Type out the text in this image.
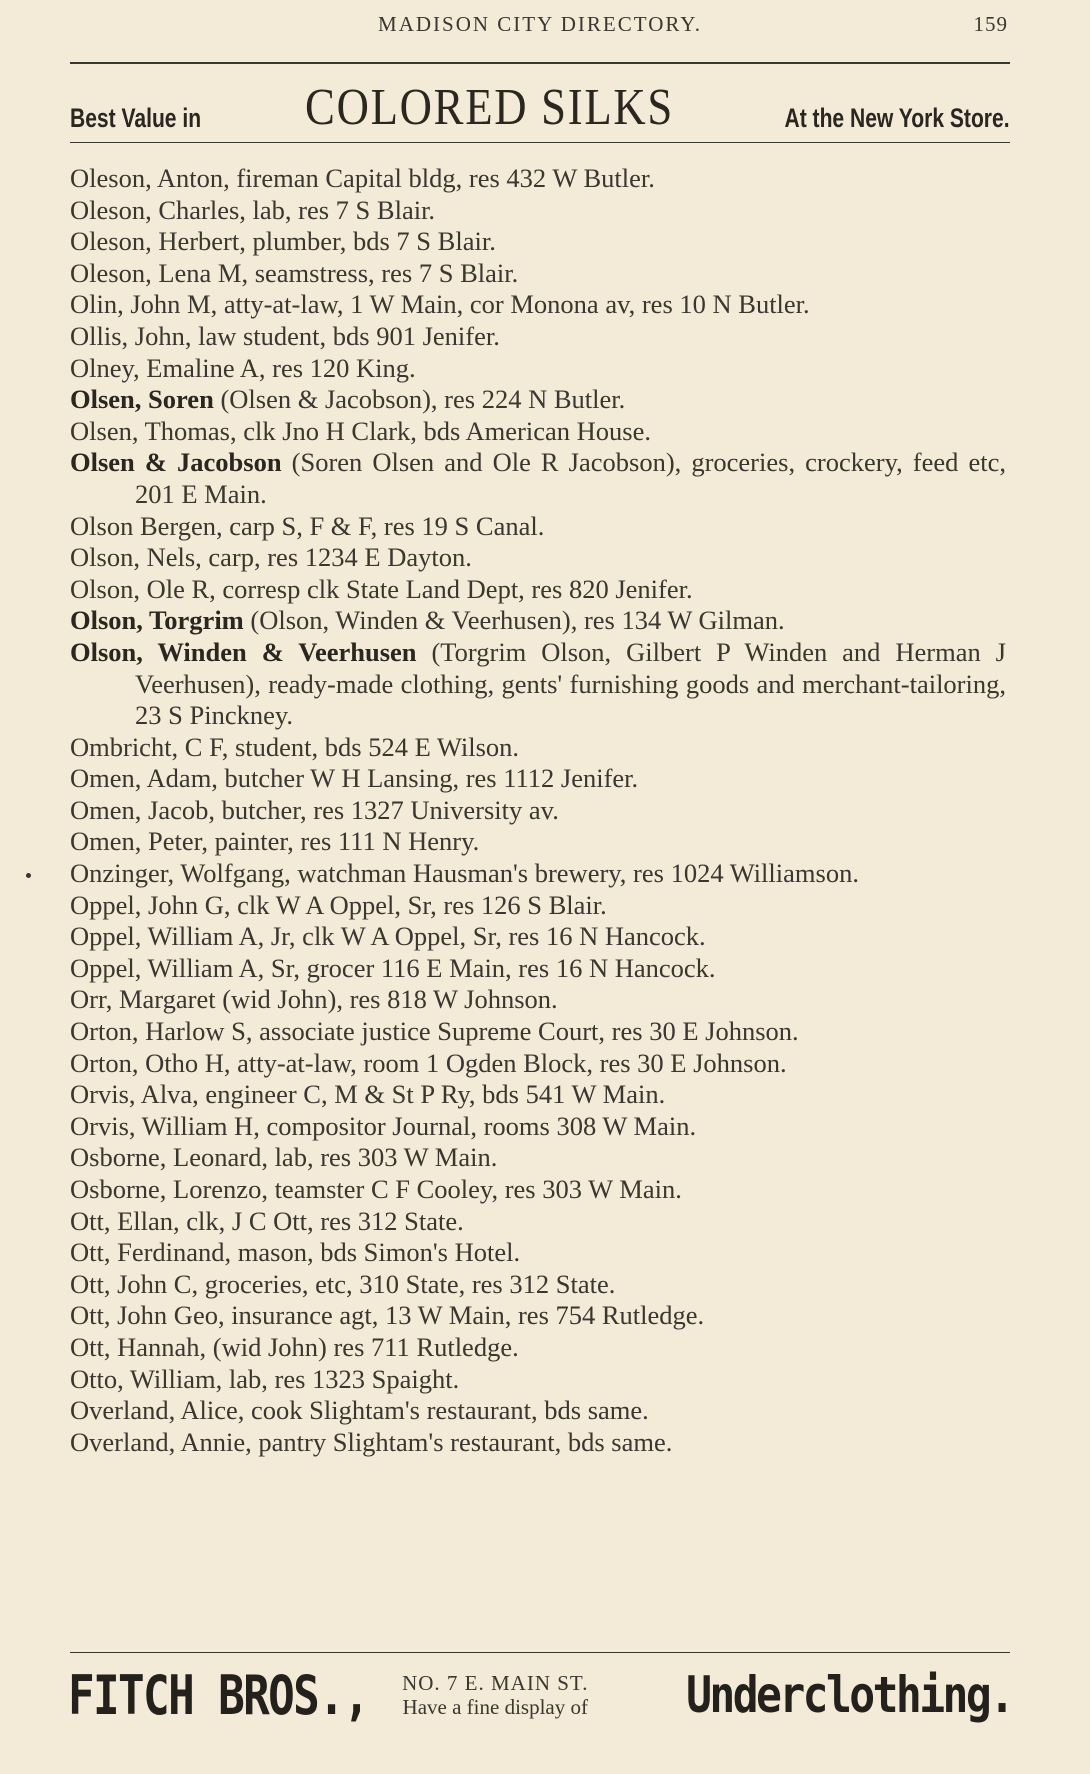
MADISON CITY DIRECTORY.	159
Best Value in COLORED SILKS	At the New York Store.
Oleson, Anton, fireman Capital bldg, res 432 W Butler.
Oleson, Charles, lab, res 7 S Blair.
Oleson, Herbert, plumber, bds 7 S Blair.
Oleson, Lena M, seamstress, res 7 S Blair.
Olin, John M, atty-at-law, 1 W Main, cor Monona av, res 10 N Butler.
Ollis, John, law student, bds 901 Jenifer.
Olney, Emaline A, res 120 King.
Olsen, Soren (Olsen & Jacobson), res 224 N Butler.
Olsen, Thomas, clk Jno H Clark, bds American House.
Olsen & Jacobson (Soren Olsen and Ole R Jacobson), groceries, crockery, feed etc, 201 E Main.
Olson Bergen, carp S, F & F, res 19 S Canal.
Olson, Nels, carp, res 1234 E Dayton.
Olson, Ole R, corresp clk State Land Dept, res 820 Jenifer.
Olson, Torgrim (Olson, Winden & Veerhusen), res 134 W Gilman.
Olson, Winden & Veerhusen (Torgrim Olson, Gilbert P Winden and Herman J Veerhusen), ready-made clothing, gents' furnishing goods and merchant-tailoring, 23 S Pinckney.
Ombricht, C F, student, bds 524 E Wilson.
Omen, Adam, butcher W H Lansing, res 1112 Jenifer.
Omen, Jacob, butcher, res 1327 University av.
Omen, Peter, painter, res 111 N Henry.
Onzinger, Wolfgang, watchman Hausman's brewery, res 1024 Williamson.
Oppel, John G, clk W A Oppel, Sr, res 126 S Blair.
Oppel, William A, Jr, clk W A Oppel, Sr, res 16 N Hancock.
Oppel, William A, Sr, grocer 116 E Main, res 16 N Hancock.
Orr, Margaret (wid John), res 818 W Johnson.
Orton, Harlow S, associate justice Supreme Court, res 30 E Johnson.
Orton, Otho H, atty-at-law, room 1 Ogden Block, res 30 E Johnson.
Orvis, Alva, engineer C, M & St P Ry, bds 541 W Main.
Orvis, William H, compositor Journal, rooms 308 W Main.
Osborne, Leonard, lab, res 303 W Main.
Osborne, Lorenzo, teamster C F Cooley, res 303 W Main.
Ott, Ellan, clk, J C Ott, res 312 State.
Ott, Ferdinand, mason, bds Simon's Hotel.
Ott, John C, groceries, etc, 310 State, res 312 State.
Ott, John Geo, insurance agt, 13 W Main, res 754 Rutledge.
Ott, Hannah, (wid John) res 711 Rutledge.
Otto, William, lab, res 1323 Spaight.
Overland, Alice, cook Slightam's restaurant, bds same.
Overland, Annie, pantry Slightam's restaurant, bds same.
FITCH BROS., NO. 7 E. MAIN ST.
Have a fine display of Underclothing.
